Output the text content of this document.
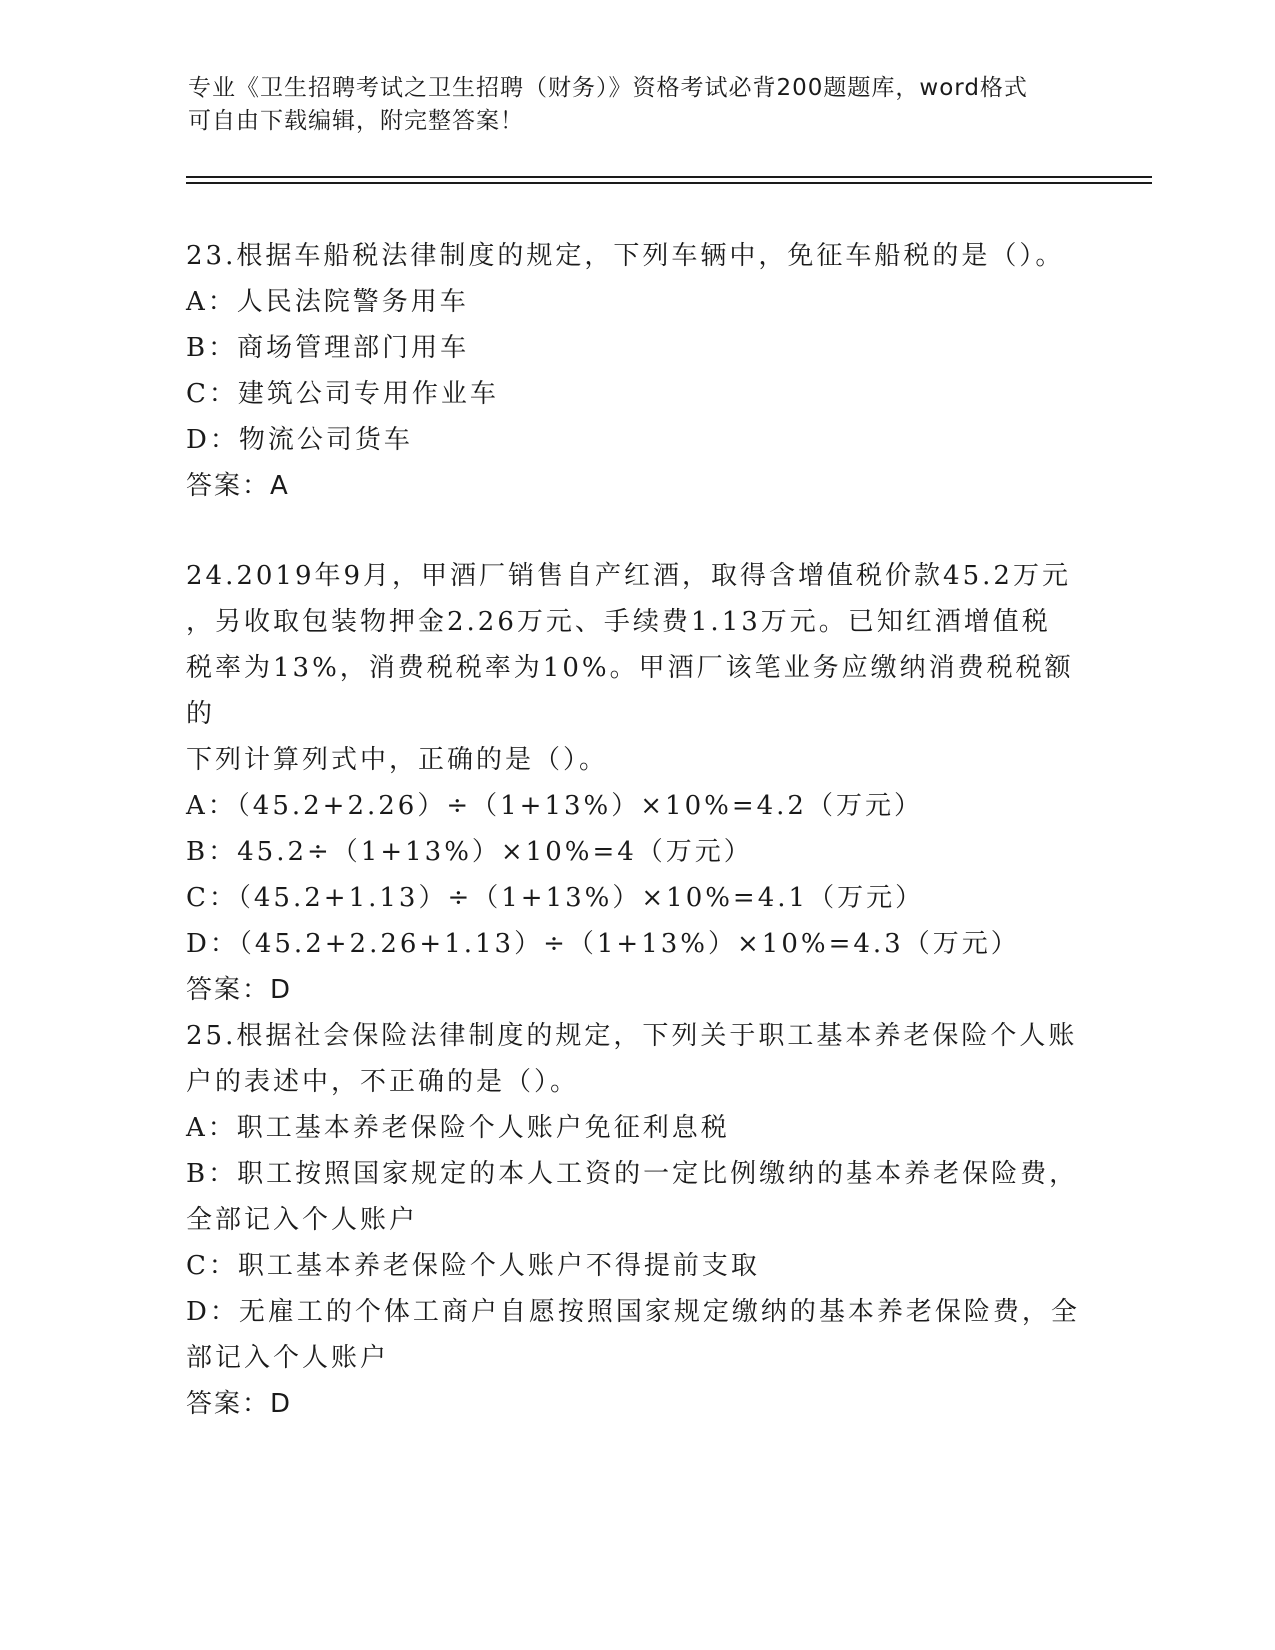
专业《卫生招聘考试之卫生招聘（财务）》资格考试必背200题题库，word格式
可自由下载编辑，附完整答案！
23.根据车船税法律制度的规定，下列车辆中，免征车船税的是（）。
A：人民法院警务用车
B：商场管理部门用车
C：建筑公司专用作业车
D：物流公司货车
答案：A
24.2019年9月，甲酒厂销售自产红酒，取得含增值税价款45.2万元
，另收取包装物押金2.26万元、手续费1.13万元。已知红酒增值税
税率为13%，消费税税率为10%。甲酒厂该笔业务应缴纳消费税税额的
下列计算列式中，正确的是（）。
A：（45.2+2.26）÷（1+13%）×10%=4.2（万元）
B：45.2÷（1+13%）×10%=4（万元）
C：（45.2+1.13）÷（1+13%）×10%=4.1（万元）
D：（45.2+2.26+1.13）÷（1+13%）×10%=4.3（万元）
答案：D
25.根据社会保险法律制度的规定，下列关于职工基本养老保险个人账
户的表述中，不正确的是（）。
A：职工基本养老保险个人账户免征利息税
B：职工按照国家规定的本人工资的一定比例缴纳的基本养老保险费，
全部记入个人账户
C：职工基本养老保险个人账户不得提前支取
D：无雇工的个体工商户自愿按照国家规定缴纳的基本养老保险费，全
部记入个人账户
答案：D
